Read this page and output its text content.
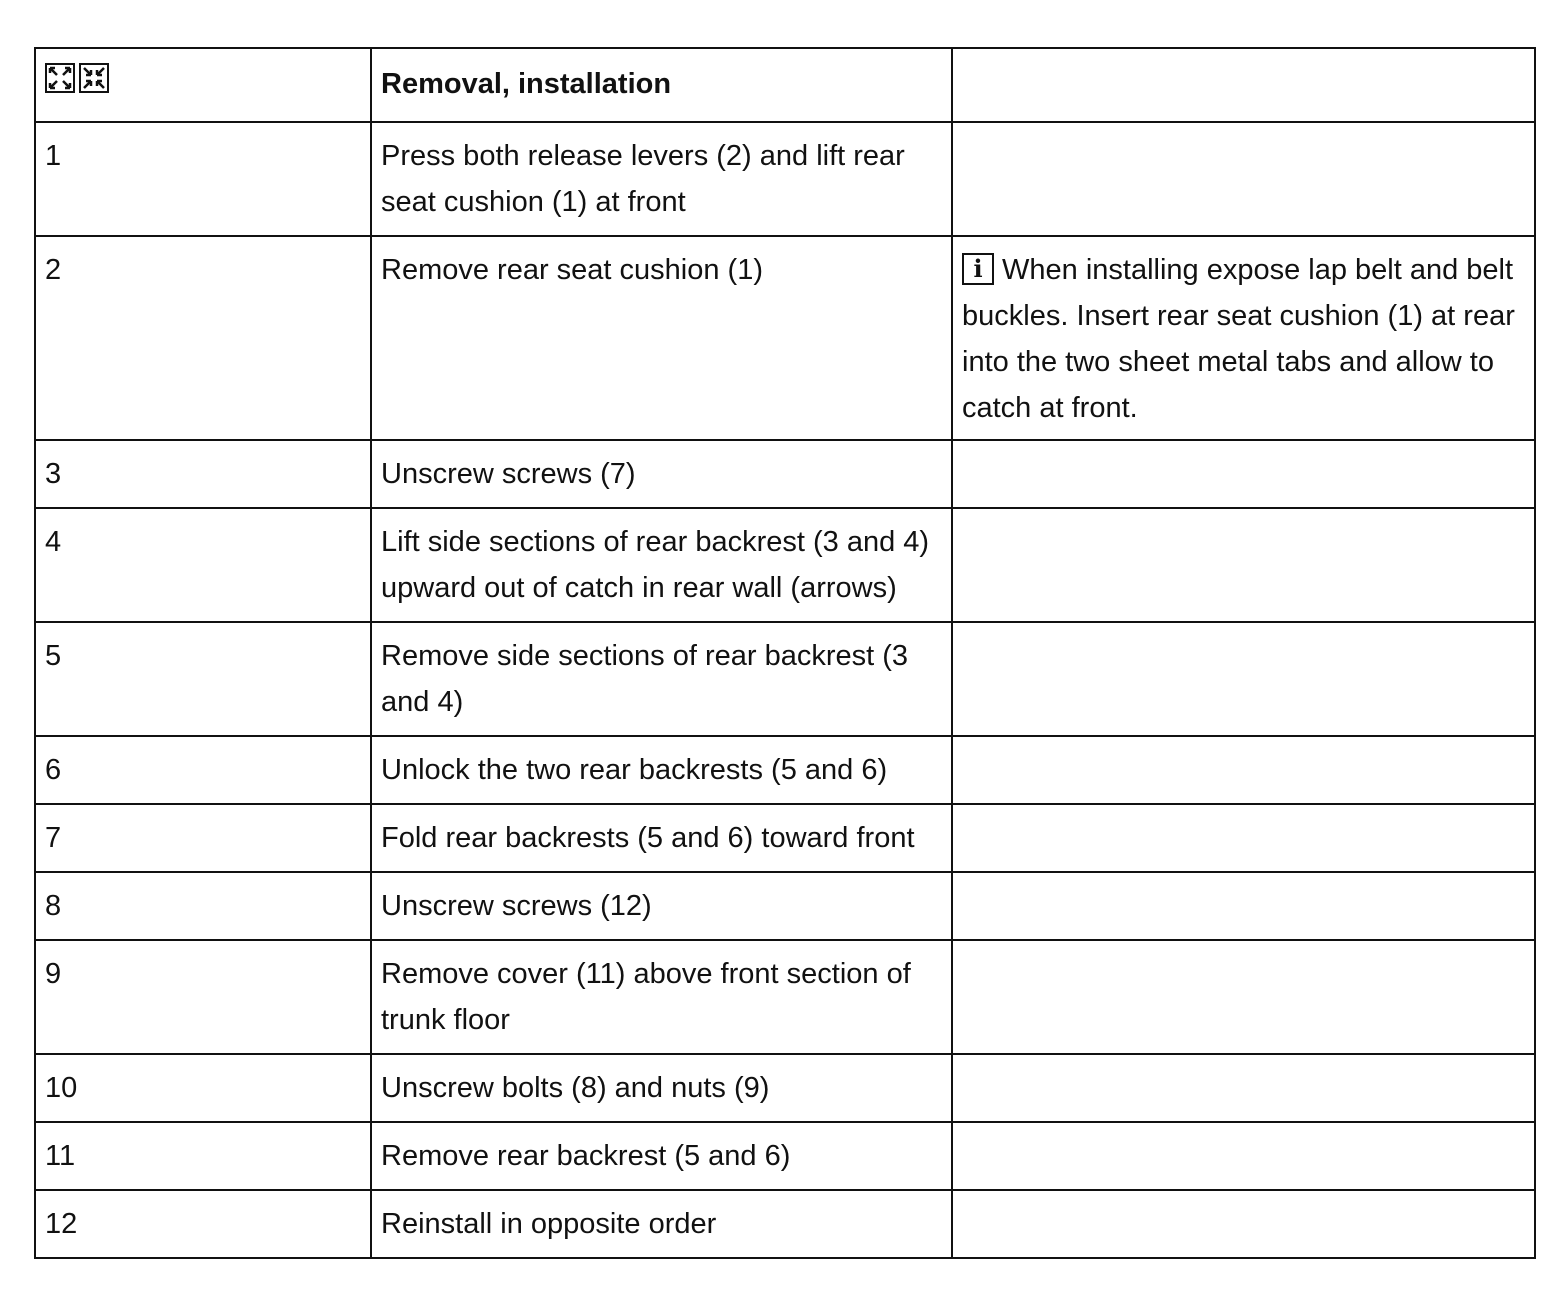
	Removal, installation	
1	Press both release levers (2) and lift rear seat cushion (1) at front	
2	Remove rear seat cushion (1)	i When installing expose lap belt and belt buckles. Insert rear seat cushion (1) at rear into the two sheet metal tabs and allow to catch at front.
3	Unscrew screws (7)	
4	Lift side sections of rear backrest (3 and 4) upward out of catch in rear wall (arrows)	
5	Remove side sections of rear backrest (3 and 4)	
6	Unlock the two rear backrests (5 and 6)	
7	Fold rear backrests (5 and 6) toward front	
8	Unscrew screws (12)	
9	Remove cover (11) above front section of trunk floor	
10	Unscrew bolts (8) and nuts (9)	
11	Remove rear backrest (5 and 6)	
12	Reinstall in opposite order	
